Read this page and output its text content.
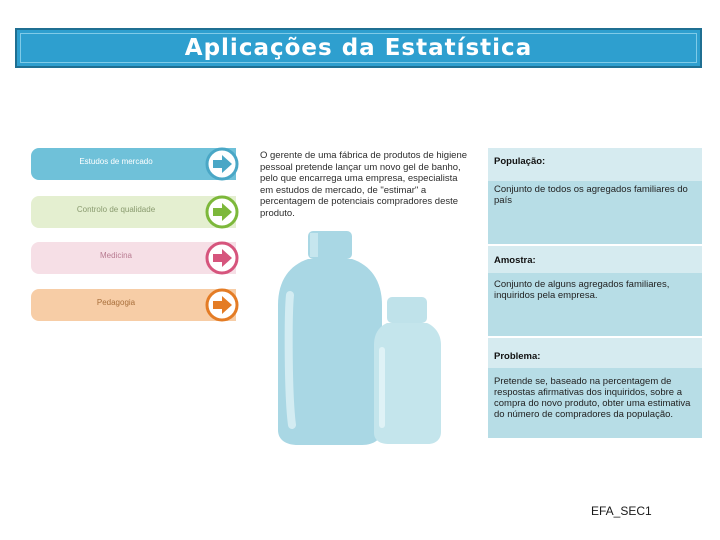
Aplicações da Estatística
Estudos de mercado
Controlo de qualidade
Medicina
Pedagogia
O gerente de uma fábrica de produtos de higiene pessoal pretende lançar um novo gel de banho, pelo que encarrega uma empresa, especialista em estudos de mercado, de "estimar" a percentagem de potenciais compradores deste produto.
População:
Conjunto de todos os agregados familiares do país
Amostra:
Conjunto de alguns agregados familiares, inquiridos pela empresa.
Problema:
Pretende se, baseado na percentagem de respostas afirmativas dos inquiridos, sobre a compra do novo produto, obter uma estimativa do número de compradores da população.
EFA_SEC1
